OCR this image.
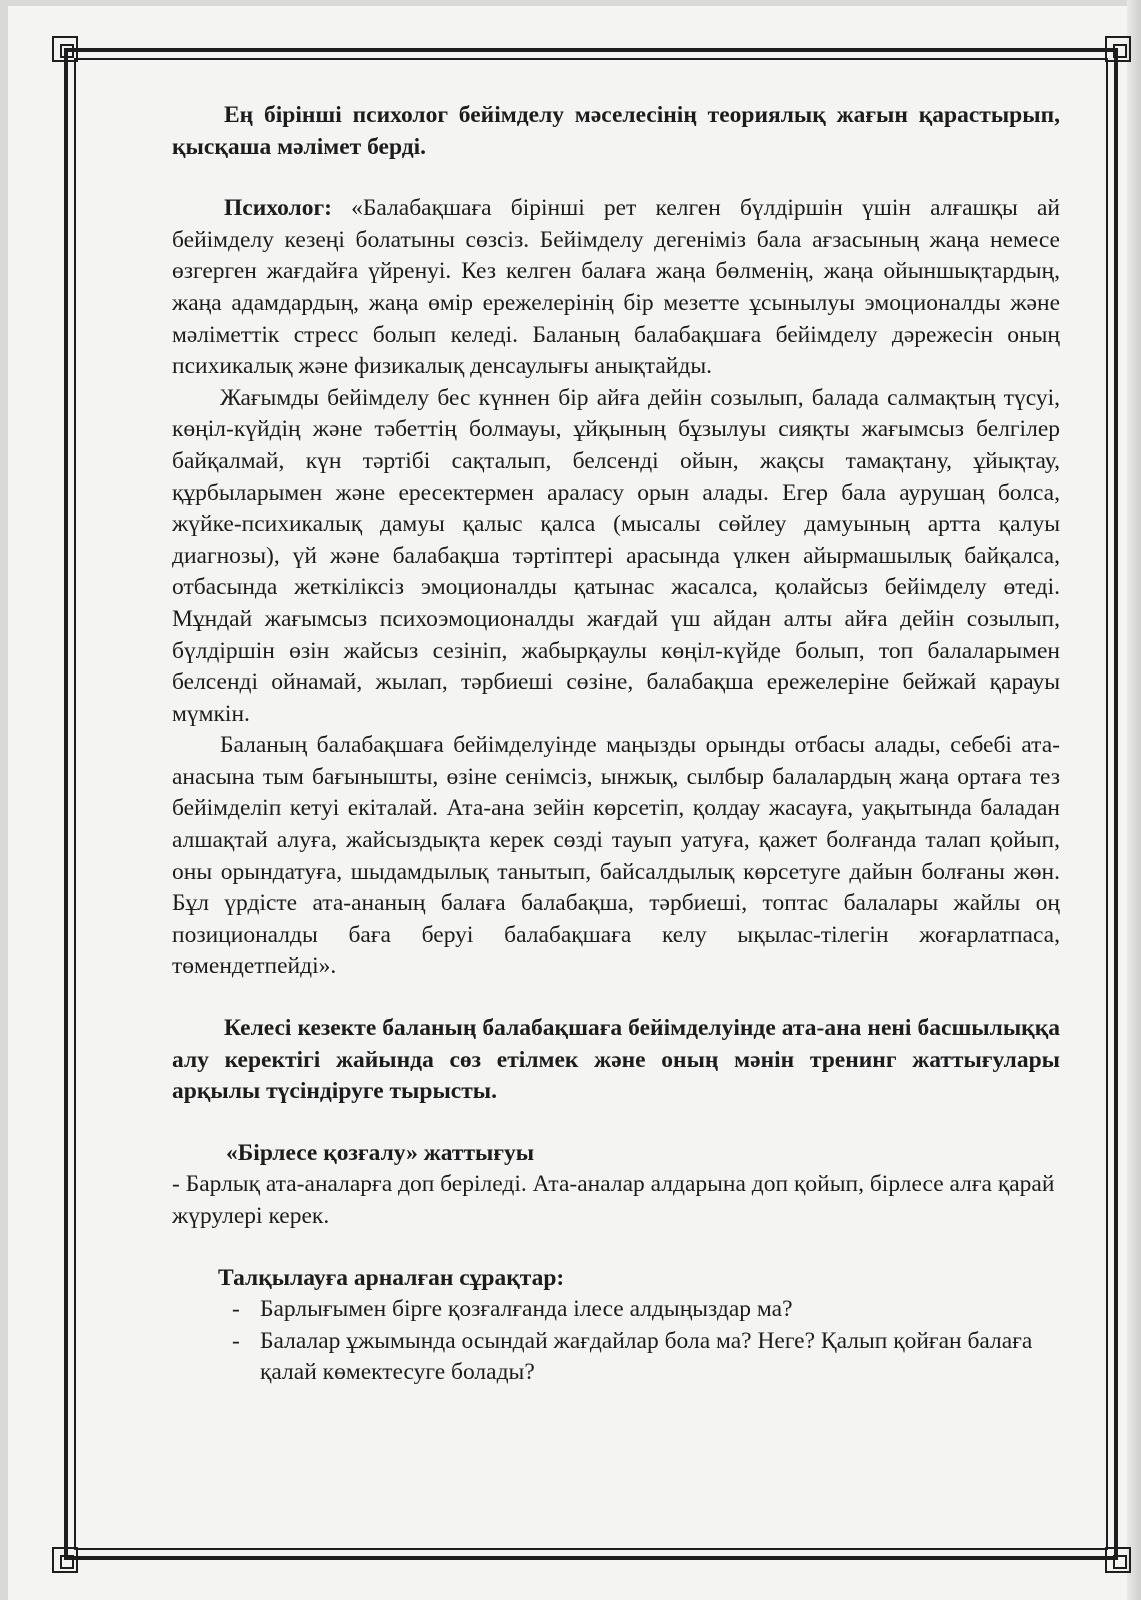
Ең бірінші психолог бейімделу мәселесінің теориялық жағын қарастырып, қысқаша мәлімет берді.

Психолог: «Балабақшаға бірінші рет келген бүлдіршін үшін алғашқы ай бейімделу кезеңі болатыны сөзсіз. Бейімделу дегеніміз бала ағзасының жаңа немесе өзгерген жағдайға үйренуі. Кез келген балаға жаңа бөлменің, жаңа ойыншықтардың, жаңа адамдардың, жаңа өмір ережелерінің бір мезетте ұсынылуы эмоционалды және мәліметтік стресс болып келеді. Баланың балабақшаға бейімделу дәрежесін оның психикалық және физикалық денсаулығы анықтайды.

Жағымды бейімделу бес күннен бір айға дейін созылып, балада салмақтың түсуі, көңіл-күйдің және тәбеттің болмауы, ұйқының бұзылуы сияқты жағымсыз белгілер байқалмай, күн тәртібі сақталып, белсенді ойын, жақсы тамақтану, ұйықтау, құрбыларымен және ересектермен араласу орын алады. Егер бала аурушаң болса, жүйке-психикалық дамуы қалыс қалса (мысалы сөйлеу дамуының артта қалуы диагнозы), үй және балабақша тәртіптері арасында үлкен айырмашылық байқалса, отбасында жеткіліксіз эмоционалды қатынас жасалса, қолайсыз бейімделу өтеді. Мұндай жағымсыз психоэмоционалды жағдай үш айдан алты айға дейін созылып, бүлдіршін өзін жайсыз сезініп, жабырқаулы көңіл-күйде болып, топ балаларымен белсенді ойнамай, жылап, тәрбиеші сөзіне, балабақша ережелеріне бейжай қарауы мүмкін.

Баланың балабақшаға бейімделуінде маңызды орынды отбасы алады, себебі ата-анасына тым бағынышты, өзіне сенімсіз, ынжық, сылбыр балалардың жаңа ортаға тез бейімделіп кетуі екіталай. Ата-ана зейін көрсетіп, қолдау жасауға, уақытында баладан алшақтай алуға, жайсыздықта керек сөзді тауып уатуға, қажет болғанда талап қойып, оны орындатуға, шыдамдылық танытып, байсалдылық көрсетуге дайын болғаны жөн. Бұл үрдісте ата-ананың балаға балабақша, тәрбиеші, топтас балалары жайлы оң позиционалды баға беруі балабақшаға келу ықылас-тілегін жоғарлатпаса, төмендетпейді».

Келесі кезекте баланың балабақшаға бейімделуінде ата-ана нені басшылыққа алу керектігі жайында сөз етілмек және оның мәнін тренинг жаттығулары арқылы түсіндіруге тырысты.

«Бірлесе қозғалу» жаттығуы

- Барлық ата-аналарға доп беріледі. Ата-аналар алдарына доп қойып, бірлесе алға қарай жүрулері керек.

Талқылауға арналған сұрақтар:

- Барлығымен бірге қозғалғанда ілесе алдыңыздар ма?

- Балалар ұжымында осындай жағдайлар бола ма? Неге? Қалып қойған балаға қалай көмектесуге болады?
